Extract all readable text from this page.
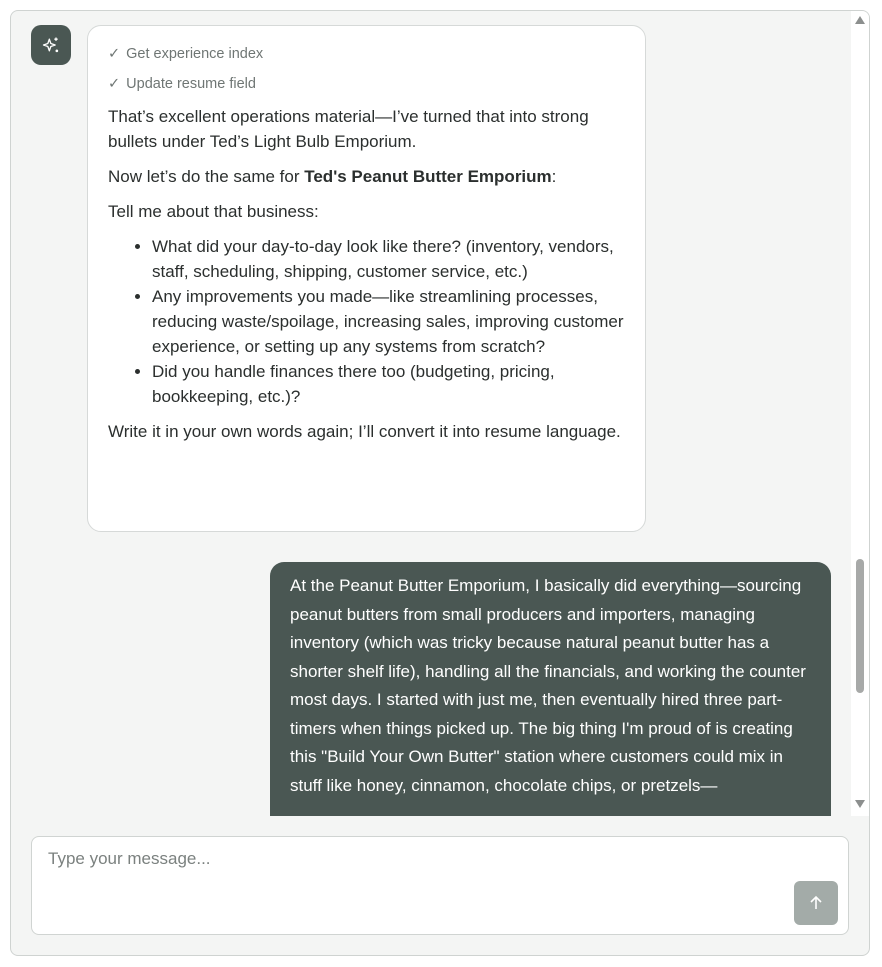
✓ Get experience index
✓ Update resume field

That’s excellent operations material—I’ve turned that into strong bullets under Ted’s Light Bulb Emporium.

Now let’s do the same for Ted's Peanut Butter Emporium:

Tell me about that business:

• What did your day-to-day look like there? (inventory, vendors, staff, scheduling, shipping, customer service, etc.)
• Any improvements you made—like streamlining processes, reducing waste/spoilage, increasing sales, improving customer experience, or setting up any systems from scratch?
• Did you handle finances there too (budgeting, pricing, bookkeeping, etc.)?

Write it in your own words again; I’ll convert it into resume language.

At the Peanut Butter Emporium, I basically did everything—sourcing peanut butters from small producers and importers, managing inventory (which was tricky because natural peanut butter has a shorter shelf life), handling all the financials, and working the counter most days. I started with just me, then eventually hired three part-timers when things picked up. The big thing I'm proud of is creating this "Build Your Own Butter" station where customers could mix in stuff like honey, cinnamon, chocolate chips, or pretzels—
Type your message...
